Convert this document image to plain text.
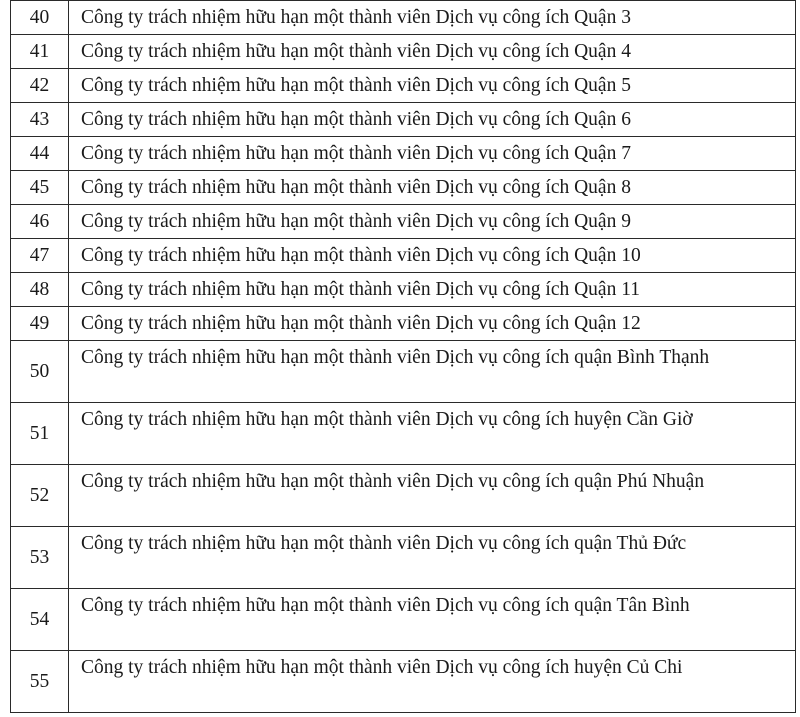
40	Công ty trách nhiệm hữu hạn một thành viên Dịch vụ công ích Quận 3
41	Công ty trách nhiệm hữu hạn một thành viên Dịch vụ công ích Quận 4
42	Công ty trách nhiệm hữu hạn một thành viên Dịch vụ công ích Quận 5
43	Công ty trách nhiệm hữu hạn một thành viên Dịch vụ công ích Quận 6
44	Công ty trách nhiệm hữu hạn một thành viên Dịch vụ công ích Quận 7
45	Công ty trách nhiệm hữu hạn một thành viên Dịch vụ công ích Quận 8
46	Công ty trách nhiệm hữu hạn một thành viên Dịch vụ công ích Quận 9
47	Công ty trách nhiệm hữu hạn một thành viên Dịch vụ công ích Quận 10
48	Công ty trách nhiệm hữu hạn một thành viên Dịch vụ công ích Quận 11
49	Công ty trách nhiệm hữu hạn một thành viên Dịch vụ công ích Quận 12
50	Công ty trách nhiệm hữu hạn một thành viên Dịch vụ công ích quận Bình Thạnh
51	Công ty trách nhiệm hữu hạn một thành viên Dịch vụ công ích huyện Cần Giờ
52	Công ty trách nhiệm hữu hạn một thành viên Dịch vụ công ích quận Phú Nhuận
53	Công ty trách nhiệm hữu hạn một thành viên Dịch vụ công ích quận Thủ Đức
54	Công ty trách nhiệm hữu hạn một thành viên Dịch vụ công ích quận Tân Bình
55	Công ty trách nhiệm hữu hạn một thành viên Dịch vụ công ích huyện Củ Chi
